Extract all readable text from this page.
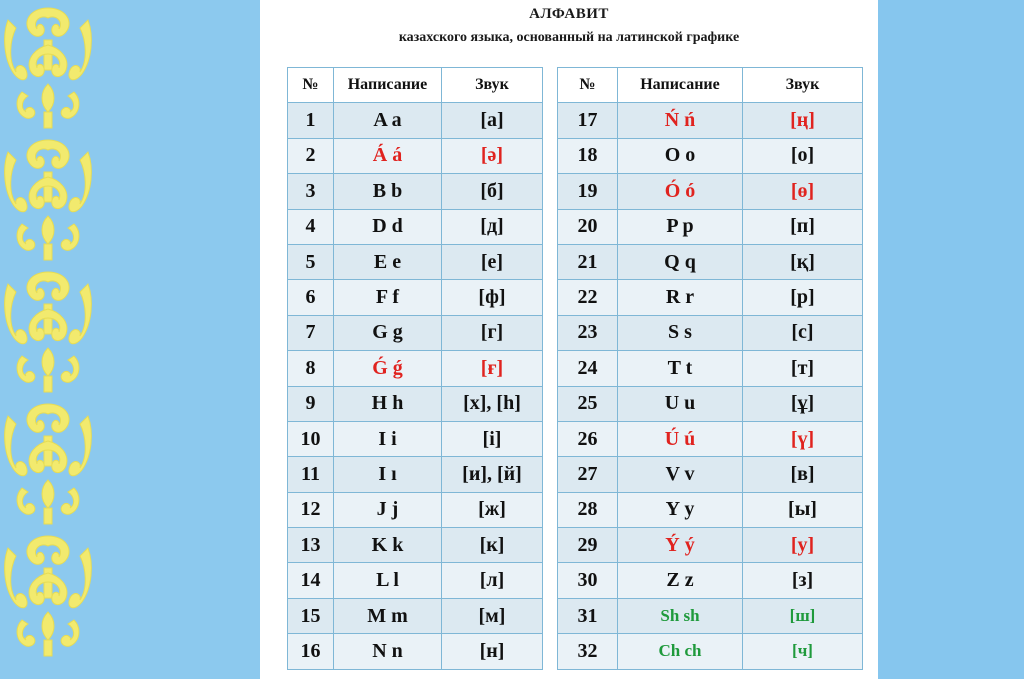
АЛФАВИТ
казахского языка, основанный на латинской графике
№	Написание	Звук
1	A a	[а]
2	Á á	[ә]
3	B b	[б]
4	D d	[д]
5	E e	[е]
6	F f	[ф]
7	G g	[г]
8	Ǵ ǵ	[ғ]
9	H h	[х], [һ]
10	I i	[і]
11	I ı	[и], [й]
12	J j	[ж]
13	K k	[к]
14	L l	[л]
15	M m	[м]
16	N n	[н]
№	Написание	Звук
17	Ń ń	[ң]
18	O o	[о]
19	Ó ó	[ө]
20	P p	[п]
21	Q q	[қ]
22	R r	[р]
23	S s	[с]
24	T t	[т]
25	U u	[ұ]
26	Ú ú	[ү]
27	V v	[в]
28	Y y	[ы]
29	Ý ý	[у]
30	Z z	[з]
31	Sh sh	[ш]
32	Ch ch	[ч]
